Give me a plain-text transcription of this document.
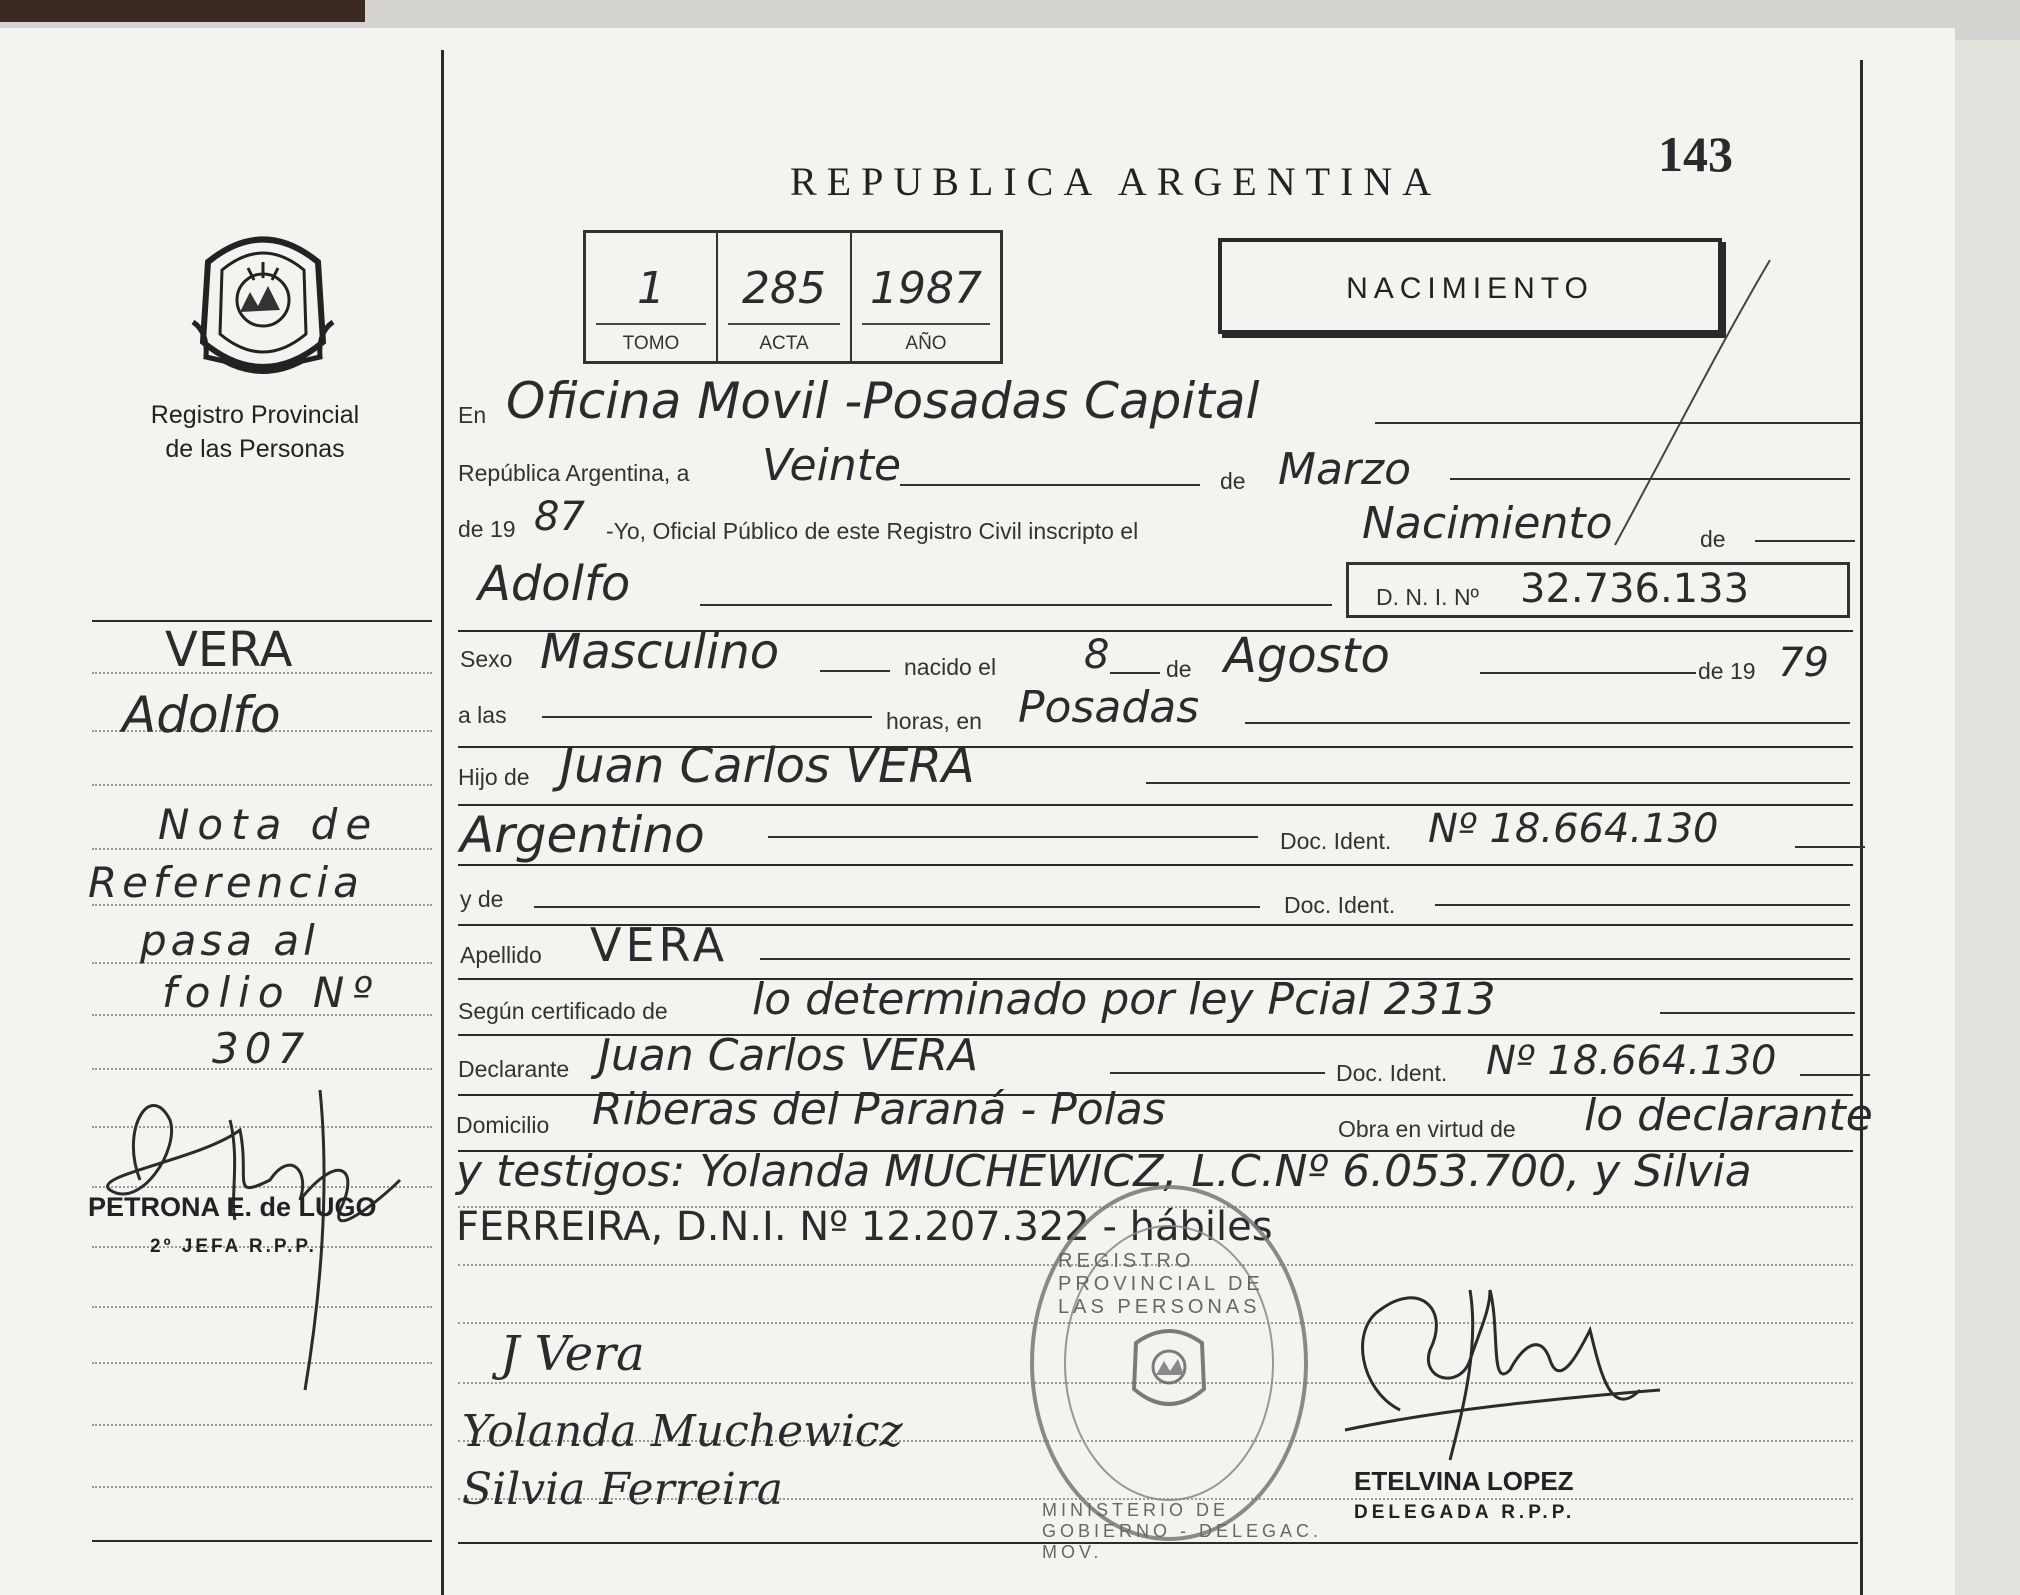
REPUBLICA ARGENTINA	143
1
TOMO
285
ACTA
1987
AÑO
NACIMIENTO
Registro Provincial
de las Personas
VERA
Adolfo
Nota de
Referencia
pasa al
folio Nº
307
PETRONA E. de LUGO
2º JEFA R.P.P.
En Oficina Movil -Posadas Capital
República Argentina, a Veinte	de Marzo
de 19 87 -Yo, Oficial Público de este Registro Civil inscripto el	Nacimiento	de
Adolfo	D. N. I. Nº 32.736.133
Sexo Masculino	nacido el 8 de Agosto	de 19 79
a las	horas, en Posadas
Hijo de Juan Carlos VERA
Argentino	Doc. Ident. Nº 18.664.130
y de	Doc. Ident.
Apellido VERA
Según certificado de lo determinado por ley Pcial 2313
Declarante Juan Carlos VERA	Doc. Ident. Nº 18.664.130
Domicilio Riberas del Paraná - Polas	Obra en virtud de lo declarante
y testigos: Yolanda MUCHEWICZ, L.C.Nº 6.053.700, y Silvia
FERREIRA, D.N.I. Nº 12.207.322 - hábiles
J Vera
Yolanda Muchewicz
Silvia Ferreira
REGISTRO PROVINCIAL DE LAS PERSONAS
MINISTERIO DE GOBIERNO - DELEGAC. MOV.
ETELVINA LOPEZ
DELEGADA R.P.P.
